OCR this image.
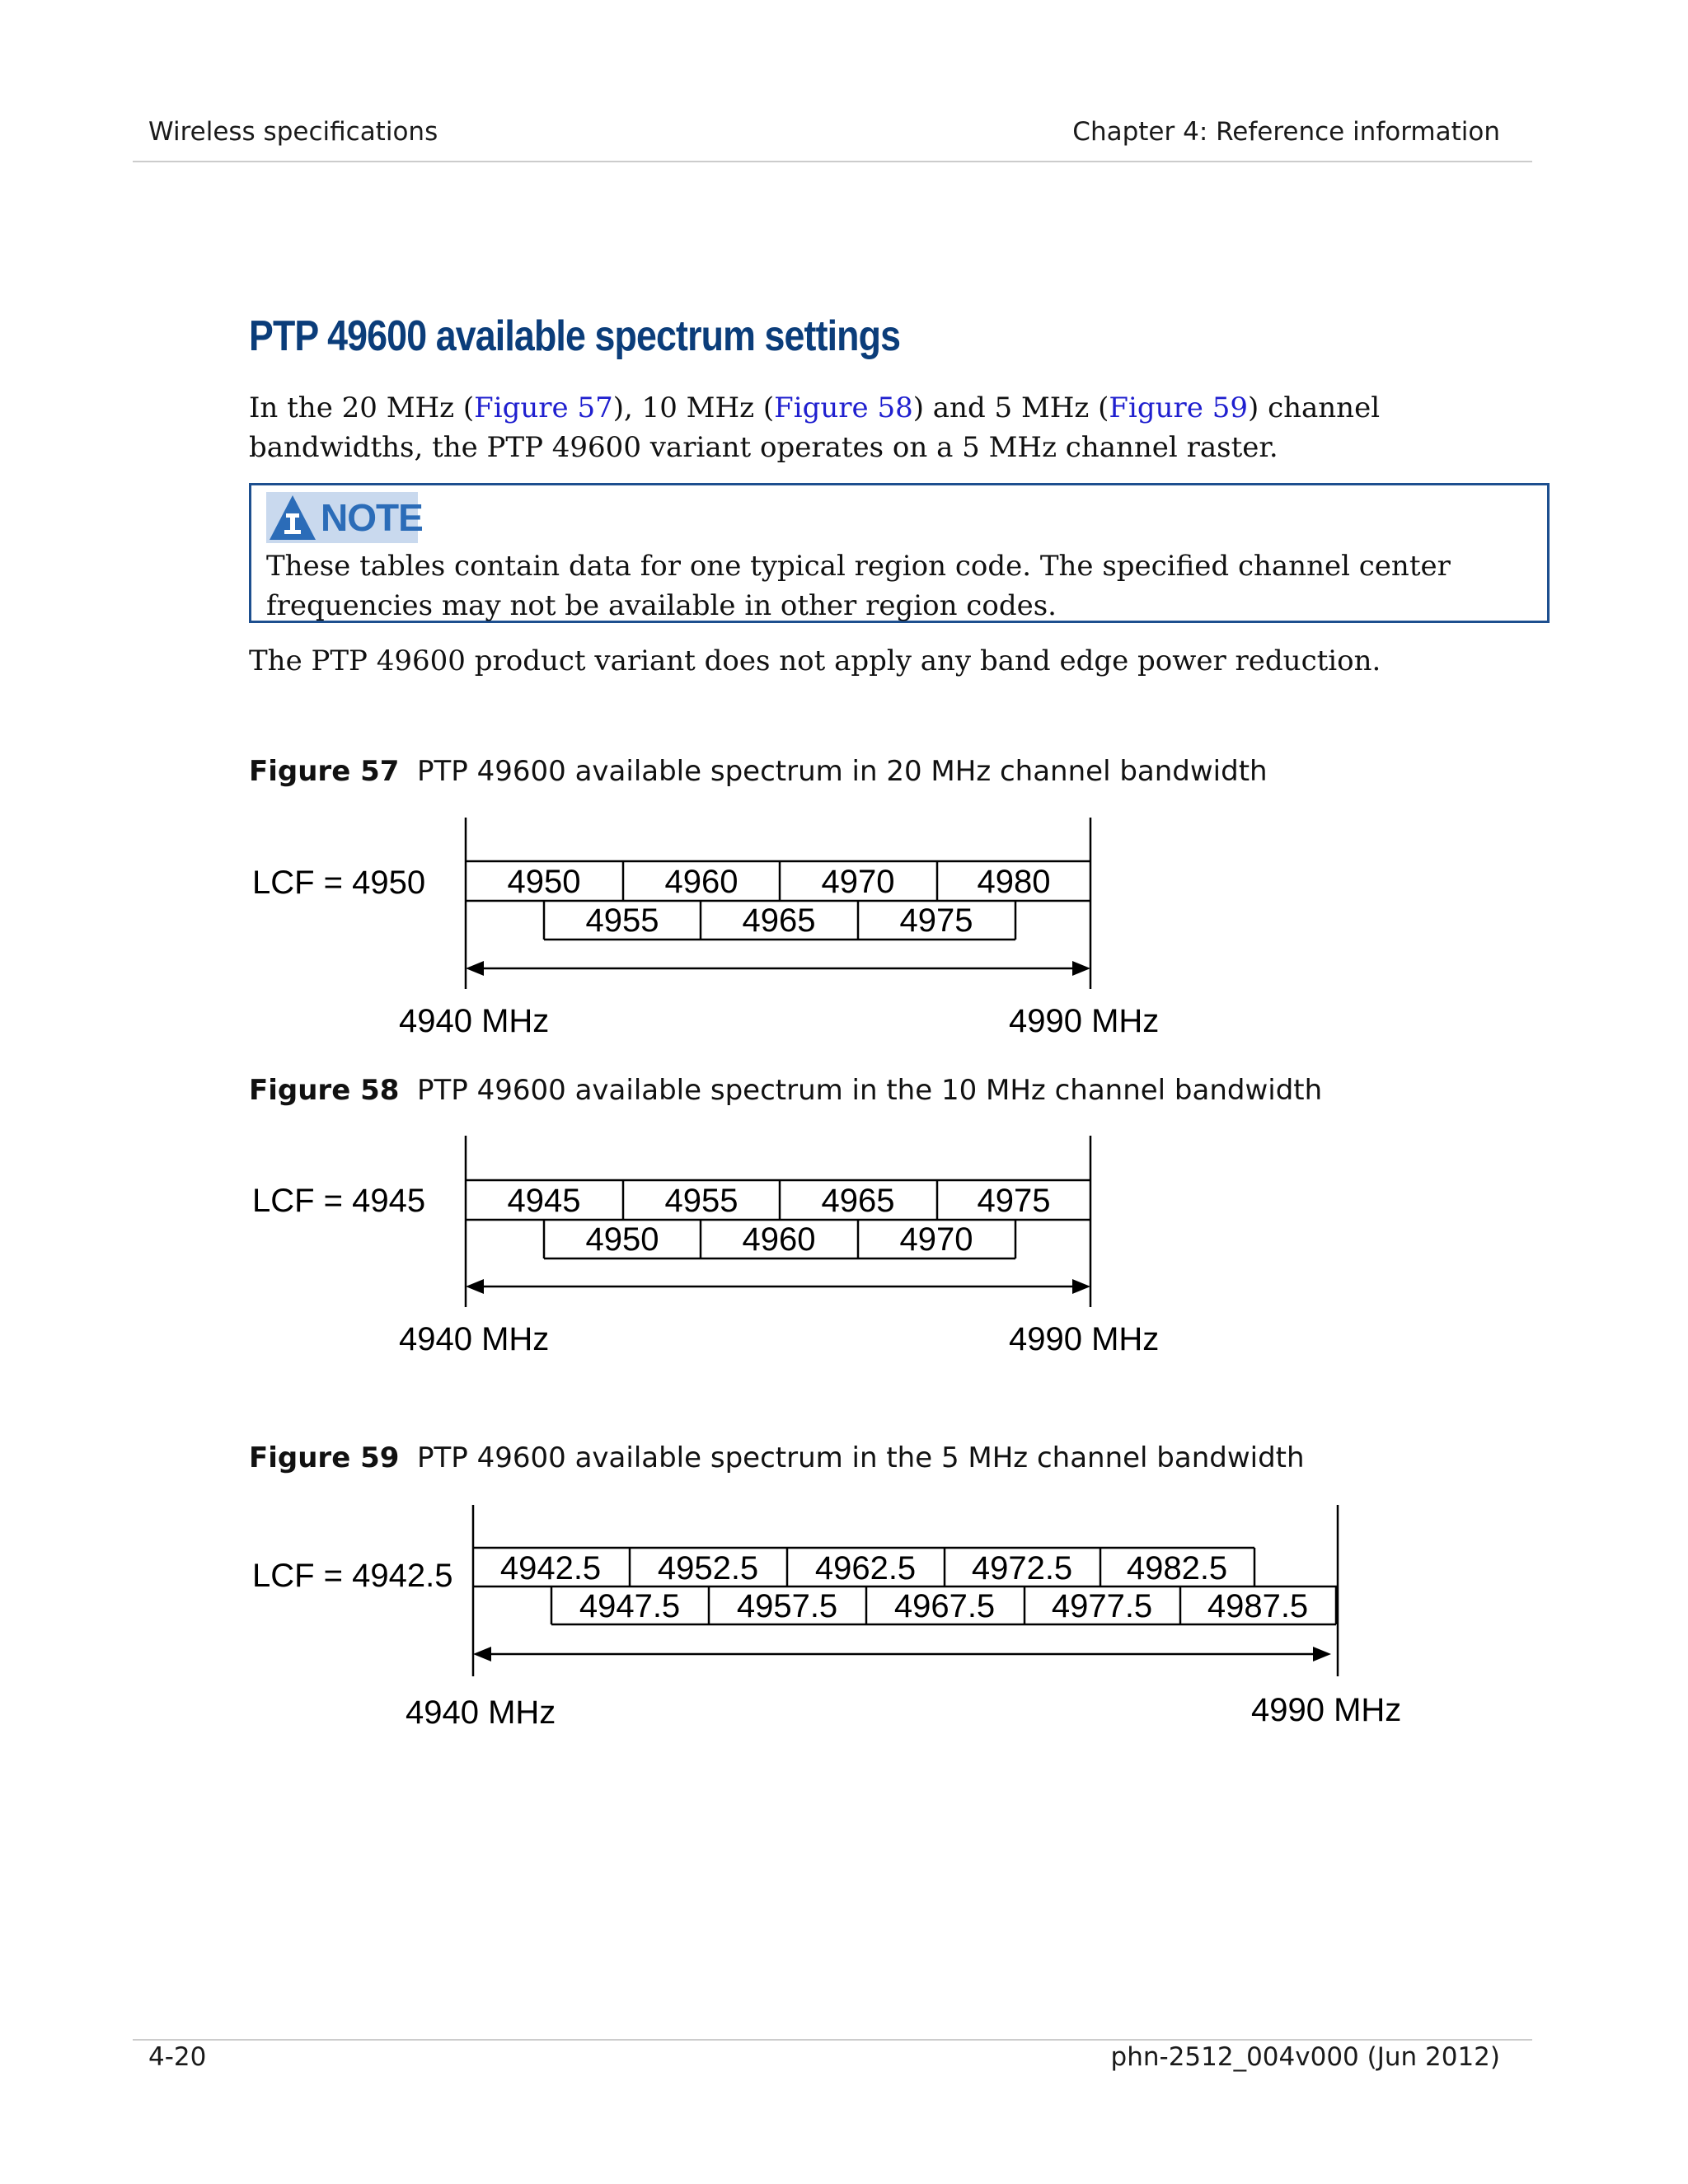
Wireless specifications	Chapter 4: Reference information
PTP 49600 available spectrum settings
In the 20 MHz (Figure 57), 10 MHz (Figure 58) and 5 MHz (Figure 59) channel
bandwidths, the PTP 49600 variant operates on a 5 MHz channel raster.
NOTE
These tables contain data for one typical region code. The specified channel center
frequencies may not be available in other region codes.
The PTP 49600 product variant does not apply any band edge power reduction.
Figure 57 PTP 49600 available spectrum in 20 MHz channel bandwidth
4950	4960	4970	4980
4955	4965	4975
LCF = 4950
4940 MHz	4990 MHz
Figure 58 PTP 49600 available spectrum in the 10 MHz channel bandwidth
4945	4955	4965	4975
4950	4960	4970
LCF = 4945
4940 MHz	4990 MHz
Figure 59 PTP 49600 available spectrum in the 5 MHz channel bandwidth
4942.5 4952.5 4962.5 4972.5 4982.5
4947.5 4957.5 4967.5 4977.5 4987.5
LCF = 4942.5
4940 MHz	4990 MHz
4-20	phn-2512_004v000 (Jun 2012)
